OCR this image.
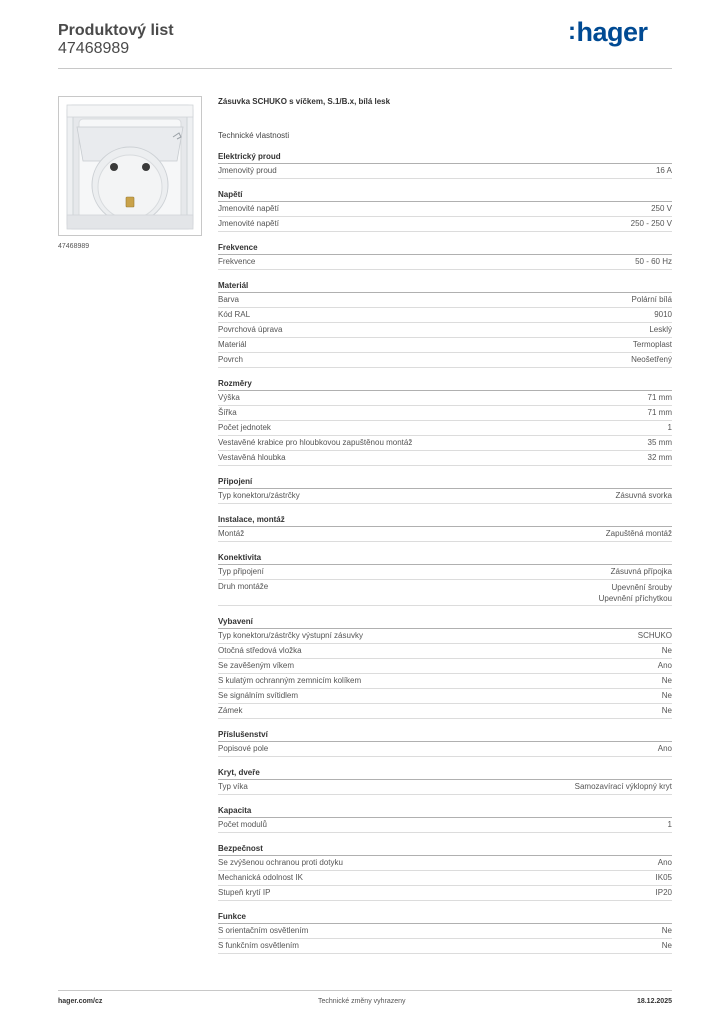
Produktový list
47468989
:hager
47468989
Zásuvka SCHUKO s víčkem, S.1/B.x, bílá lesk
Technické vlastnosti
Elektrický proud
Jmenovitý proud	16 A
Napětí
Jmenovité napětí	250 V
Jmenovité napětí	250 - 250 V
Frekvence
Frekvence	50 - 60 Hz
Materiál
Barva	Polární bílá
Kód RAL	9010
Povrchová úprava	Lesklý
Materiál	Termoplast
Povrch	Neošetřený
Rozměry
Výška	71 mm
Šířka	71 mm
Počet jednotek	1
Vestavěné krabice pro hloubkovou zapuštěnou montáž	35 mm
Vestavěná hloubka	32 mm
Připojení
Typ konektoru/zástrčky	Zásuvná svorka
Instalace, montáž
Montáž	Zapuštěná montáž
Konektivita
Typ připojení	Zásuvná přípojka
Druh montáže	Upevnění šrouby
Upevnění příchytkou
Vybavení
Typ konektoru/zástrčky výstupní zásuvky	SCHUKO
Otočná středová vložka	Ne
Se zavěšeným víkem	Ano
S kulatým ochranným zemnicím kolíkem	Ne
Se signálním svítidlem	Ne
Zámek	Ne
Příslušenství
Popisové pole	Ano
Kryt, dveře
Typ víka	Samozavírací výklopný kryt
Kapacita
Počet modulů	1
Bezpečnost
Se zvýšenou ochranou proti dotyku	Ano
Mechanická odolnost IK	IK05
Stupeň krytí IP	IP20
Funkce
S orientačním osvětlením	Ne
S funkčním osvětlením	Ne
hager.com/cz	Technické změny vyhrazeny	18.12.2025
